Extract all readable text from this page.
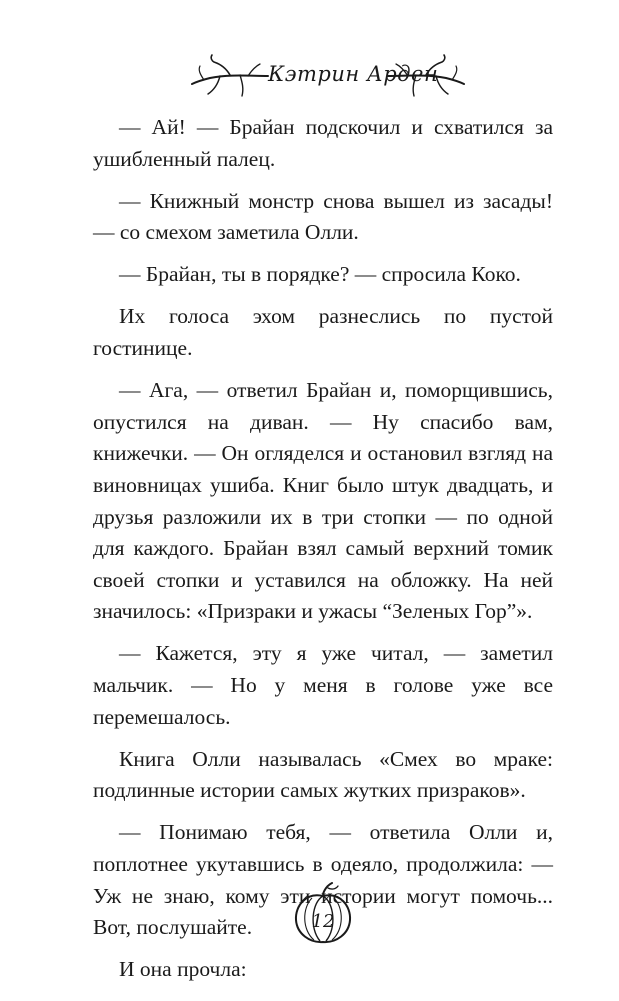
Кэтрин Арден

— Ай! — Брайан подскочил и схватился за ушибленный палец.

— Книжный монстр снова вышел из засады! — со смехом заметила Олли.

— Брайан, ты в порядке? — спросила Коко.

Их голоса эхом разнеслись по пустой гостинице.

— Ага, — ответил Брайан и, поморщившись, опустился на диван. — Ну спасибо вам, книжечки. — Он огляделся и остановил взгляд на виновницах ушиба. Книг было штук двадцать, и друзья разложили их в три стопки — по одной для каждого. Брайан взял самый верхний томик своей стопки и уставился на обложку. На ней значилось: «Призраки и ужасы “Зеленых Гор”».

— Кажется, эту я уже читал, — заметил мальчик. — Но у меня в голове уже все перемешалось.

Книга Олли называлась «Смех во мраке: подлинные истории самых жутких призраков».

— Понимаю тебя, — ответила Олли и, поплотнее укутавшись в одеяло, продолжила: — Уж не знаю, кому эти истории могут помочь... Вот, послушайте.

И она прочла:

12
